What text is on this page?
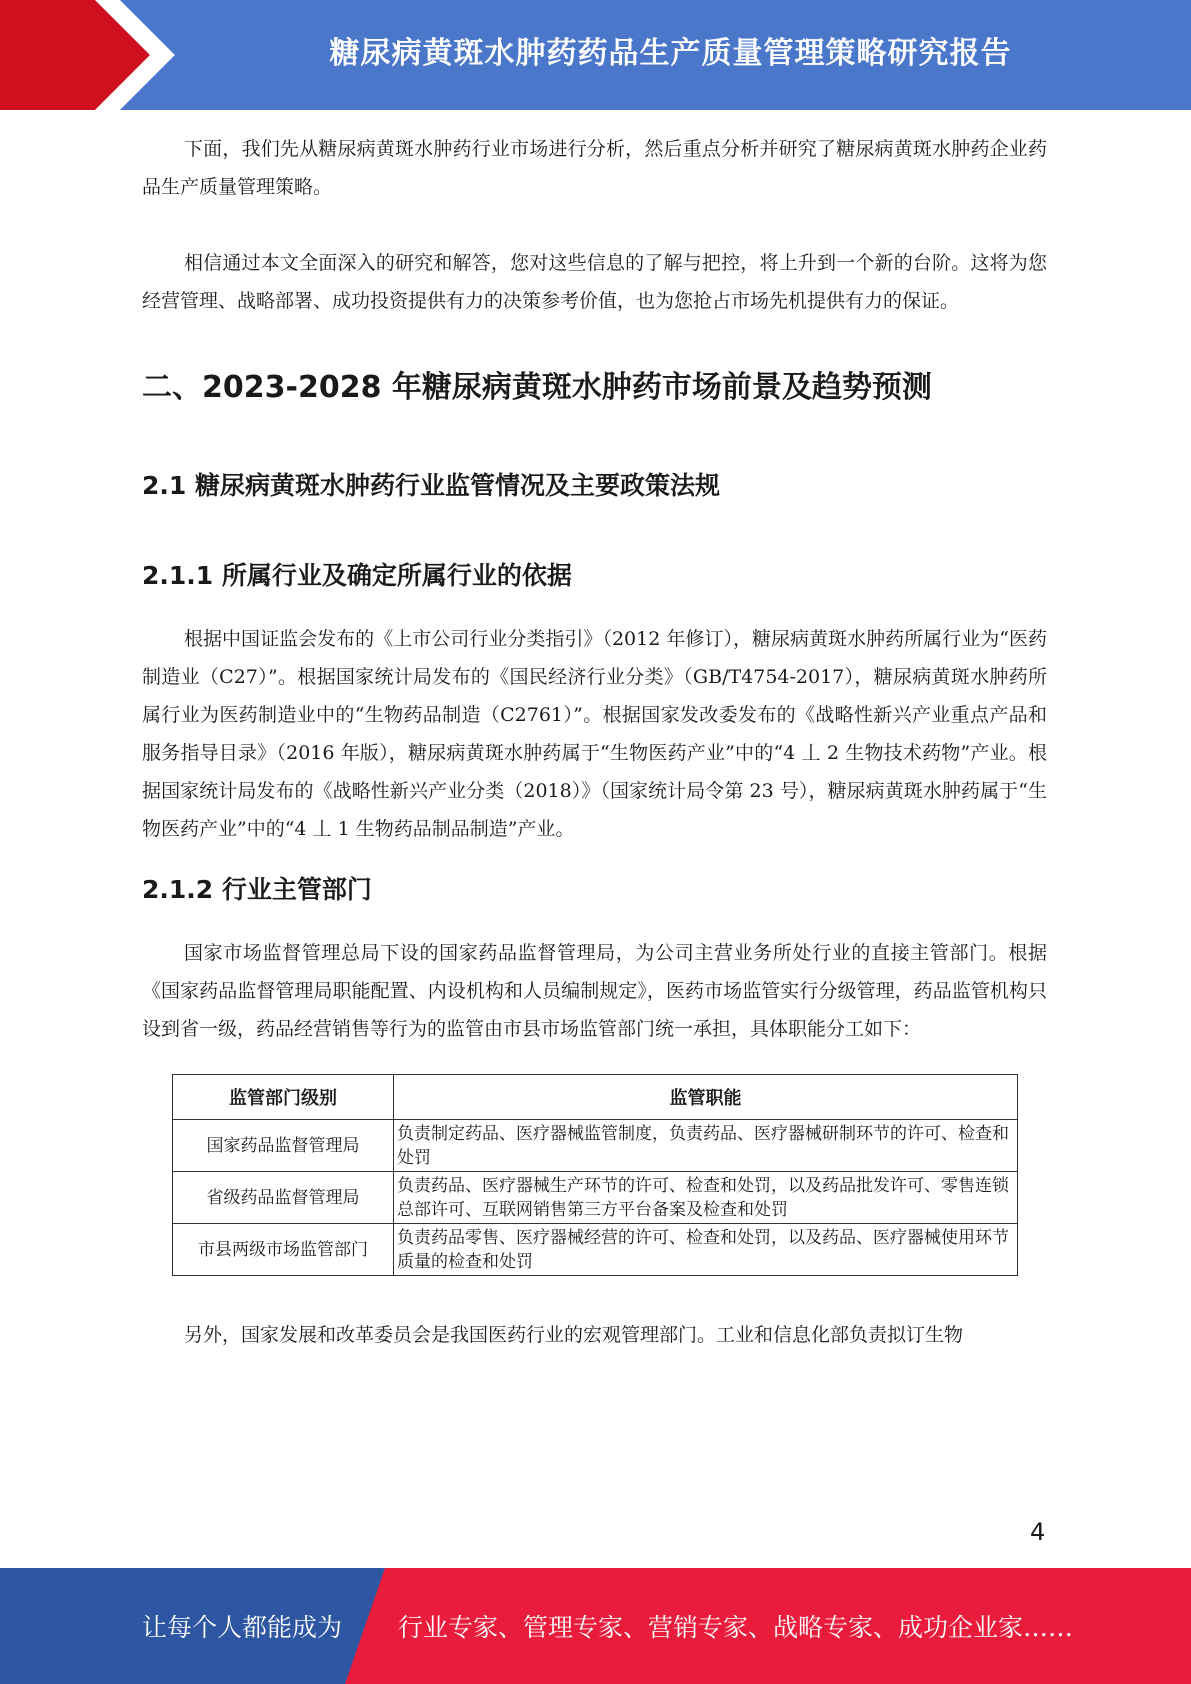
糖尿病黄斑水肿药药品生产质量管理策略研究报告

下面，我们先从糖尿病黄斑水肿药行业市场进行分析，然后重点分析并研究了糖尿病黄斑水肿药企业药品生产质量管理策略。

相信通过本文全面深入的研究和解答，您对这些信息的了解与把控，将上升到一个新的台阶。这将为您经营管理、战略部署、成功投资提供有力的决策参考价值，也为您抢占市场先机提供有力的保证。

二、2023-2028 年糖尿病黄斑水肿药市场前景及趋势预测
2.1 糖尿病黄斑水肿药行业监管情况及主要政策法规
2.1.1 所属行业及确定所属行业的依据

根据中国证监会发布的《上市公司行业分类指引》（2012 年修订），糖尿病黄斑水肿药所属行业为“医药制造业（C27）”。根据国家统计局发布的《国民经济行业分类》（GB/T4754-2017），糖尿病黄斑水肿药所属行业为医药制造业中的“生物药品制造（C2761）”。根据国家发改委发布的《战略性新兴产业重点产品和服务指导目录》（2016 年版），糖尿病黄斑水肿药属于“生物医药产业”中的“4 丄 2 生物技术药物”产业。根据国家统计局发布的《战略性新兴产业分类（2018）》（国家统计局令第 23 号），糖尿病黄斑水肿药属于“生物医药产业”中的“4 丄 1 生物药品制品制造”产业。

2.1.2 行业主管部门

国家市场监督管理总局下设的国家药品监督管理局，为公司主营业务所处行业的直接主管部门。根据《国家药品监督管理局职能配置、内设机构和人员编制规定》，医药市场监管实行分级管理，药品监管机构只设到省一级，药品经营销售等行为的监管由市县市场监管部门统一承担，具体职能分工如下：

监管部门级别	监管职能
国家药品监督管理局	负责制定药品、医疗器械监管制度，负责药品、医疗器械研制环节的许可、检查和处罚
省级药品监督管理局	负责药品、医疗器械生产环节的许可、检查和处罚，以及药品批发许可、零售连锁总部许可、互联网销售第三方平台备案及检查和处罚
市县两级市场监管部门	负责药品零售、医疗器械经营的许可、检查和处罚，以及药品、医疗器械使用环节质量的检查和处罚

另外，国家发展和改革委员会是我国医药行业的宏观管理部门。工业和信息化部负责拟订生物

4
让每个人都能成为 行业专家、管理专家、营销专家、战略专家、成功企业家……
